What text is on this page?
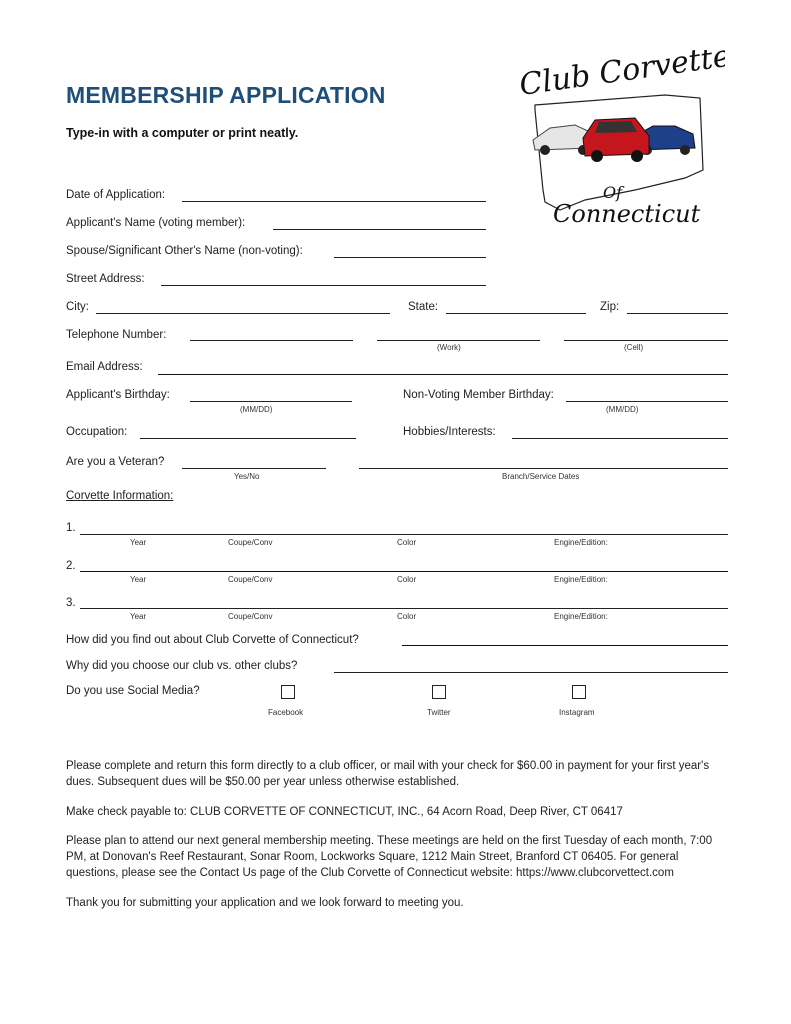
MEMBERSHIP APPLICATION
Type-in with a computer or print neatly.
Club Corvette
Of
Connecticut
Date of Application:
Applicant's Name (voting member):
Spouse/Significant Other's Name (non-voting):
Street Address:
City:	State:	Zip:
Telephone Number:
(Work)	(Cell)
Email Address:
Applicant's Birthday:
(MM/DD)
Non-Voting Member Birthday:
(MM/DD)
Occupation:	Hobbies/Interests:
Are you a Veteran?
Yes/No	Branch/Service Dates
Corvette Information:
1.
Year	Coupe/Conv	Color	Engine/Edition:
2.
Year	Coupe/Conv	Color	Engine/Edition:
3.
Year	Coupe/Conv	Color	Engine/Edition:
How did you find out about Club Corvette of Connecticut?
Why did you choose our club vs. other clubs?
Do you use Social Media?
Facebook	Twitter	Instagram
Please complete and return this form directly to a club officer, or mail with your check for $60.00 in payment for your first year's dues. Subsequent dues will be $50.00 per year unless otherwise established.
Make check payable to: CLUB CORVETTE OF CONNECTICUT, INC., 64 Acorn Road, Deep River, CT 06417
Please plan to attend our next general membership meeting. These meetings are held on the first Tuesday of each month, 7:00 PM, at Donovan's Reef Restaurant, Sonar Room, Lockworks Square, 1212 Main Street, Branford CT 06405. For general questions, please see the Contact Us page of the Club Corvette of Connecticut website: https://www.clubcorvettect.com
Thank you for submitting your application and we look forward to meeting you.
